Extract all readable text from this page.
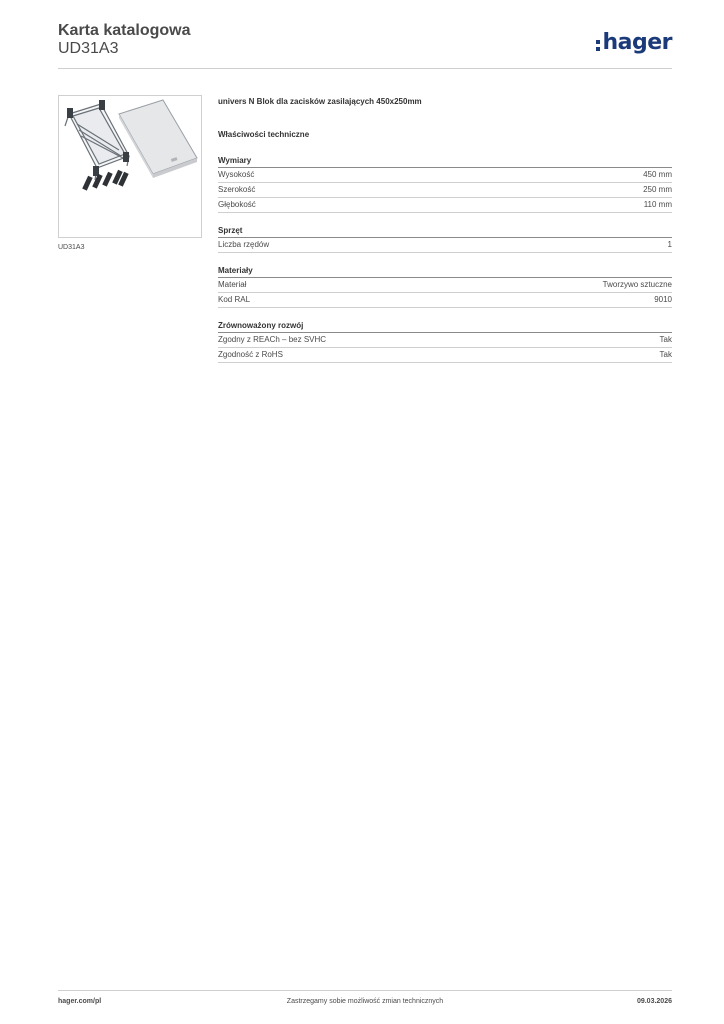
Karta katalogowa
UD31A3	hager
UD31A3
univers N Blok dla zacisków zasilających 450x250mm
Właściwości techniczne
Wymiary
Wysokość	450 mm
Szerokość	250 mm
Głębokość	110 mm
Sprzęt
Liczba rzędów	1
Materiały
Materiał	Tworzywo sztuczne
Kod RAL	9010
Zrównoważony rozwój
Zgodny z REACh – bez SVHC	Tak
Zgodność z RoHS	Tak
hager.com/pl	Zastrzegamy sobie możliwość zmian technicznych	09.03.2026
